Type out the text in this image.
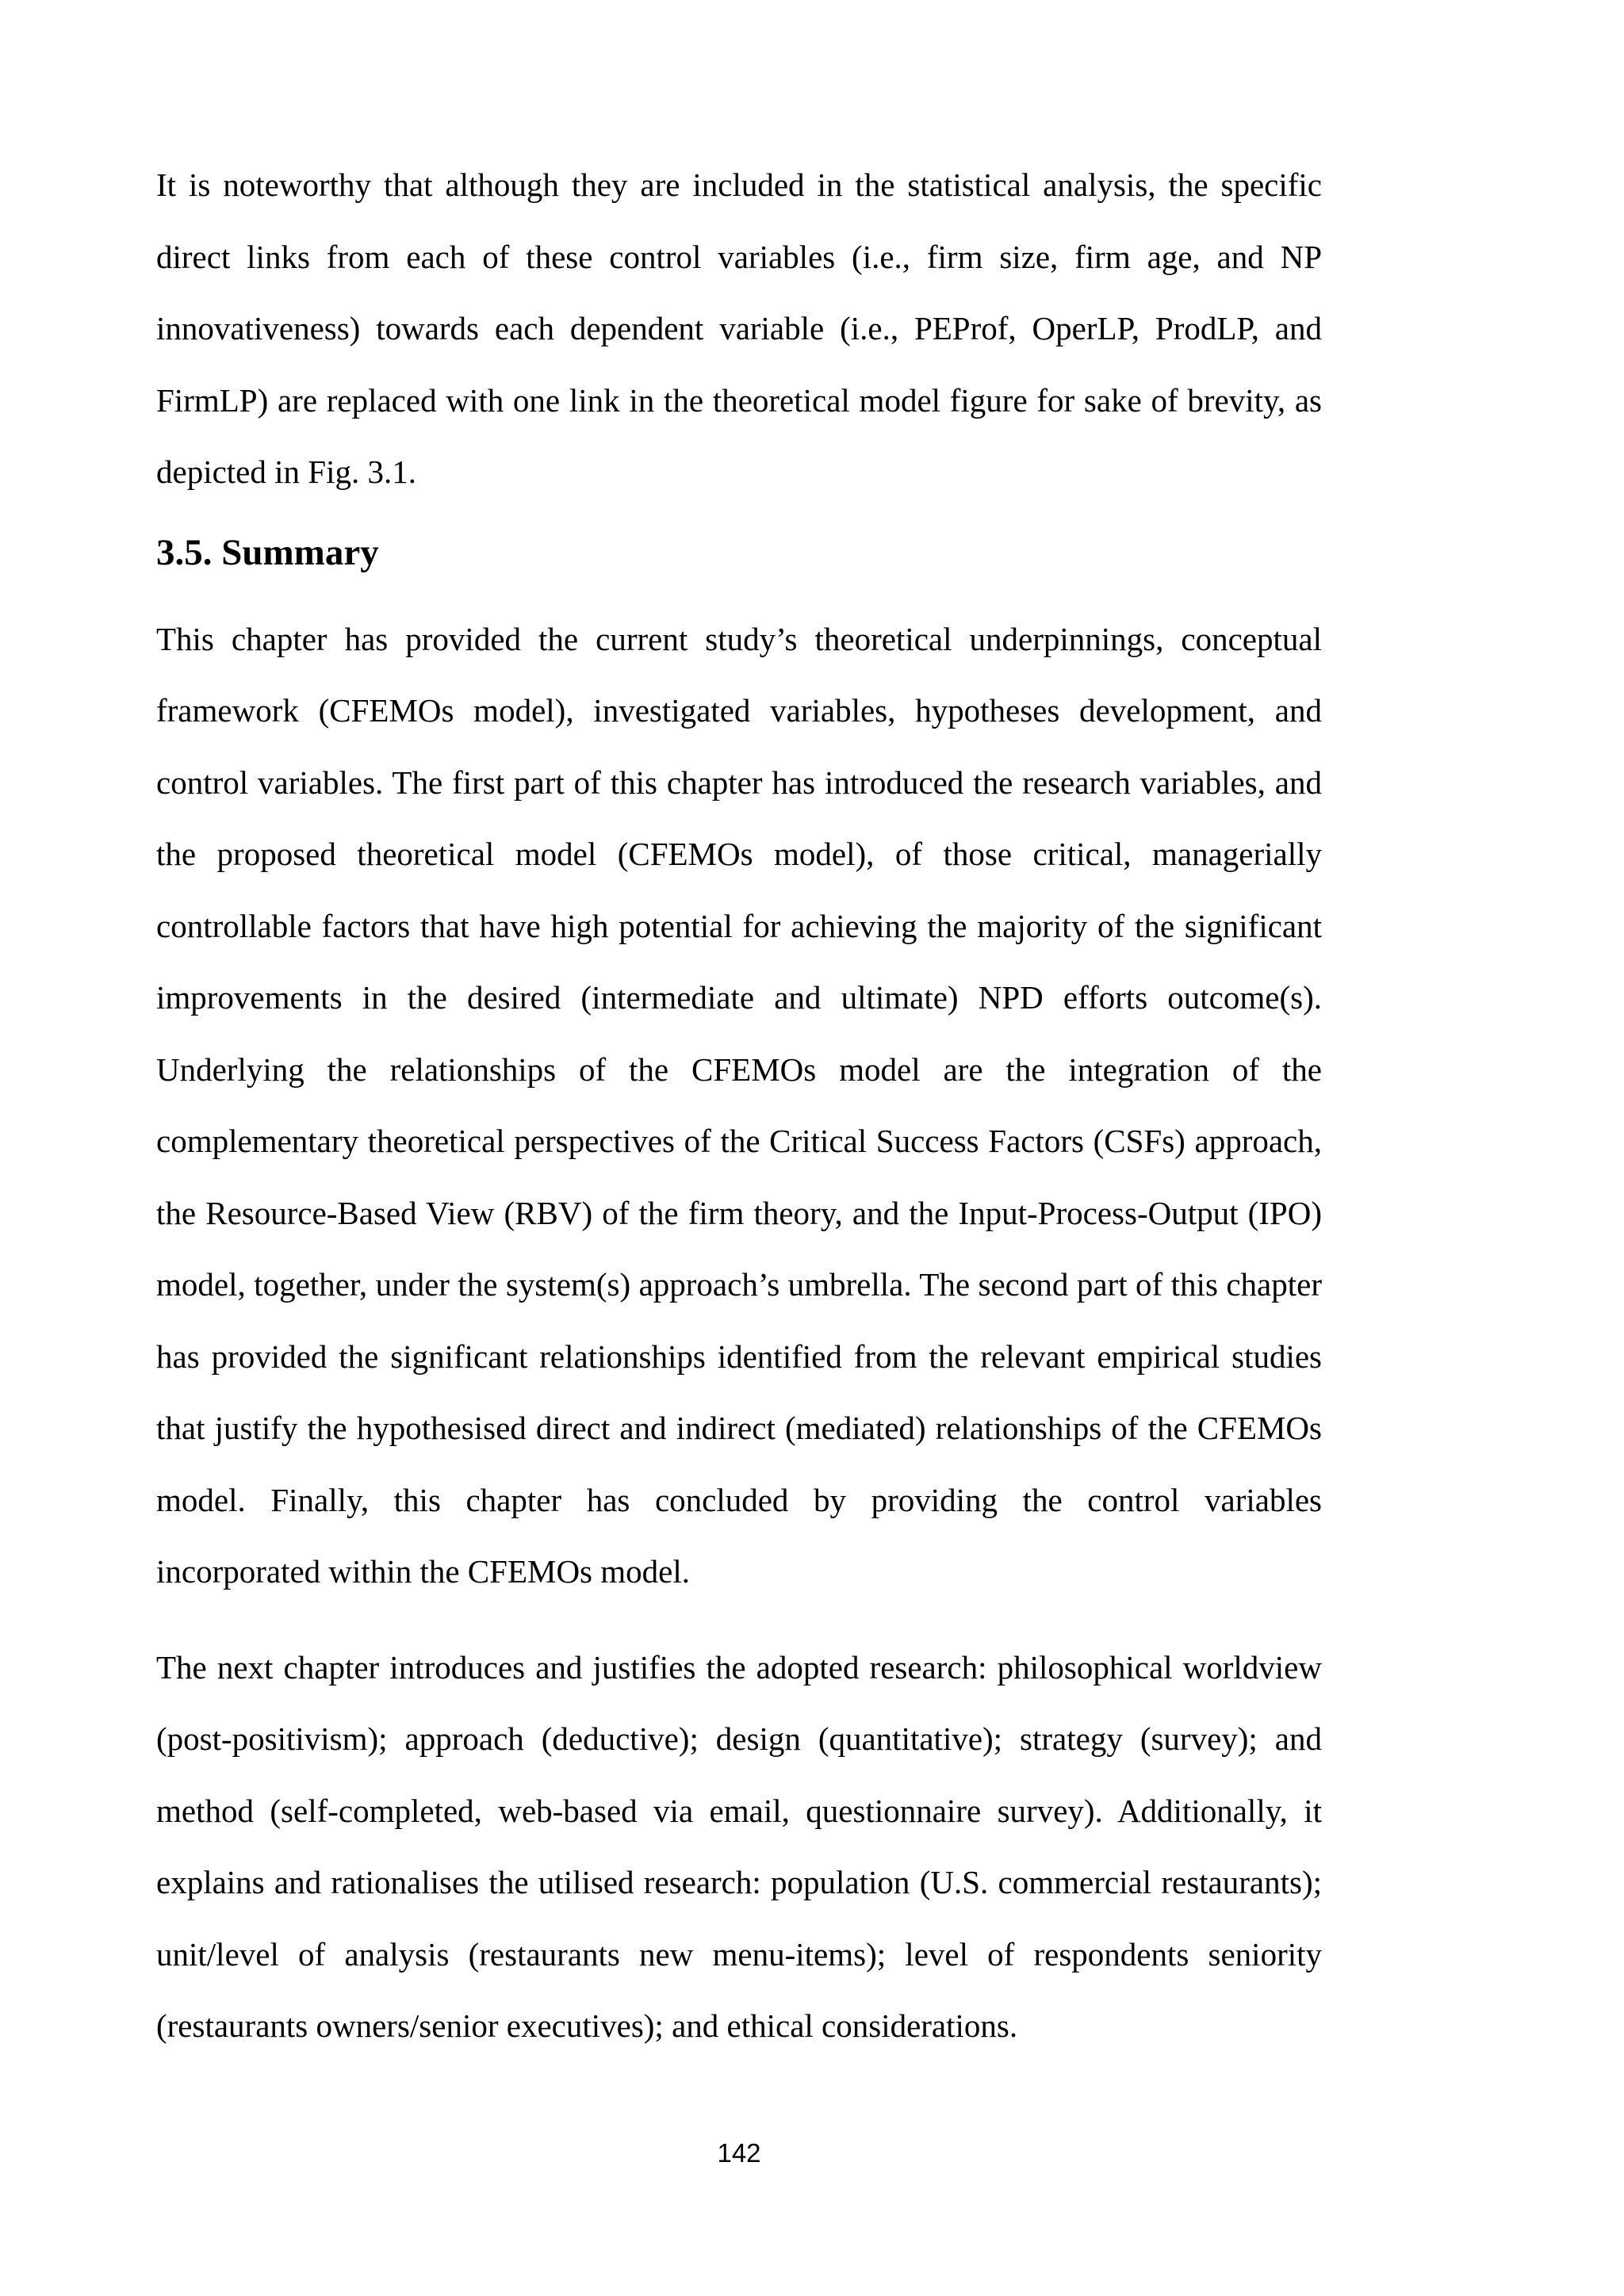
It is noteworthy that although they are included in the statistical analysis, the specific direct links from each of these control variables (i.e., firm size, firm age, and NP innovativeness) towards each dependent variable (i.e., PEProf, OperLP, ProdLP, and FirmLP) are replaced with one link in the theoretical model figure for sake of brevity, as depicted in Fig. 3.1.

3.5. Summary

This chapter has provided the current study’s theoretical underpinnings, conceptual framework (CFEMOs model), investigated variables, hypotheses development, and control variables. The first part of this chapter has introduced the research variables, and the proposed theoretical model (CFEMOs model), of those critical, managerially controllable factors that have high potential for achieving the majority of the significant improvements in the desired (intermediate and ultimate) NPD efforts outcome(s). Underlying the relationships of the CFEMOs model are the integration of the complementary theoretical perspectives of the Critical Success Factors (CSFs) approach, the Resource-Based View (RBV) of the firm theory, and the Input-Process-Output (IPO) model, together, under the system(s) approach’s umbrella. The second part of this chapter has provided the significant relationships identified from the relevant empirical studies that justify the hypothesised direct and indirect (mediated) relationships of the CFEMOs model. Finally, this chapter has concluded by providing the control variables incorporated within the CFEMOs model.

The next chapter introduces and justifies the adopted research: philosophical worldview (post-positivism); approach (deductive); design (quantitative); strategy (survey); and method (self-completed, web-based via email, questionnaire survey). Additionally, it explains and rationalises the utilised research: population (U.S. commercial restaurants); unit/level of analysis (restaurants new menu-items); level of respondents seniority (restaurants owners/senior executives); and ethical considerations.

142
